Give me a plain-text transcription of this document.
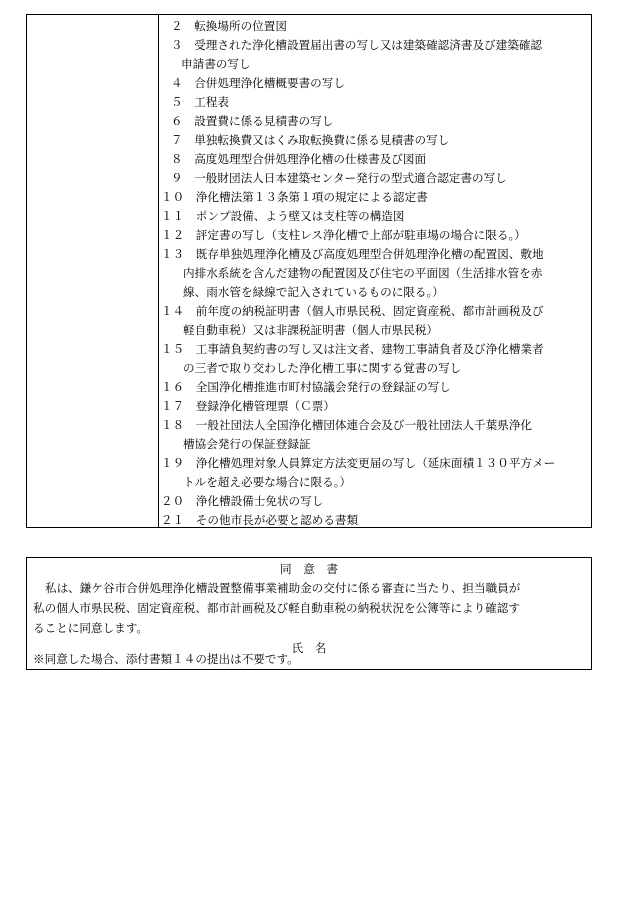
２　転換場所の位置図
３　受理された浄化槽設置届出書の写し又は建築確認済書及び建築確認
申請書の写し
４　合併処理浄化槽概要書の写し
５　工程表
６　設置費に係る見積書の写し
７　単独転換費又はくみ取転換費に係る見積書の写し
８　高度処理型合併処理浄化槽の仕様書及び図面
９　一般財団法人日本建築センター発行の型式適合認定書の写し
１０　浄化槽法第１３条第１項の規定による認定書
１１　ポンプ設備、よう壁又は支柱等の構造図
１２　評定書の写し（支柱レス浄化槽で上部が駐車場の場合に限る。）
１３　既存単独処理浄化槽及び高度処理型合併処理浄化槽の配置図、敷地
内排水系統を含んだ建物の配置図及び住宅の平面図（生活排水管を赤
線、雨水管を緑線で記入されているものに限る。）
１４　前年度の納税証明書（個人市県民税、固定資産税、都市計画税及び
軽自動車税）又は非課税証明書（個人市県民税）
１５　工事請負契約書の写し又は注文者、建物工事請負者及び浄化槽業者
の三者で取り交わした浄化槽工事に関する覚書の写し
１６　全国浄化槽推進市町村協議会発行の登録証の写し
１７　登録浄化槽管理票（Ｃ票）
１８　一般社団法人全国浄化槽団体連合会及び一般社団法人千葉県浄化
槽協会発行の保証登録証
１９　浄化槽処理対象人員算定方法変更届の写し（延床面積１３０平方メー
トルを超え必要な場合に限る。）
２０　浄化槽設備士免状の写し
２１　その他市長が必要と認める書類
同　意　書
私は、鎌ケ谷市合併処理浄化槽設置整備事業補助金の交付に係る審査に当たり、担当職員が
私の個人市県民税、固定資産税、都市計画税及び軽自動車税の納税状況を公簿等により確認す
ることに同意します。
氏　名
※同意した場合、添付書類１４の提出は不要です。
